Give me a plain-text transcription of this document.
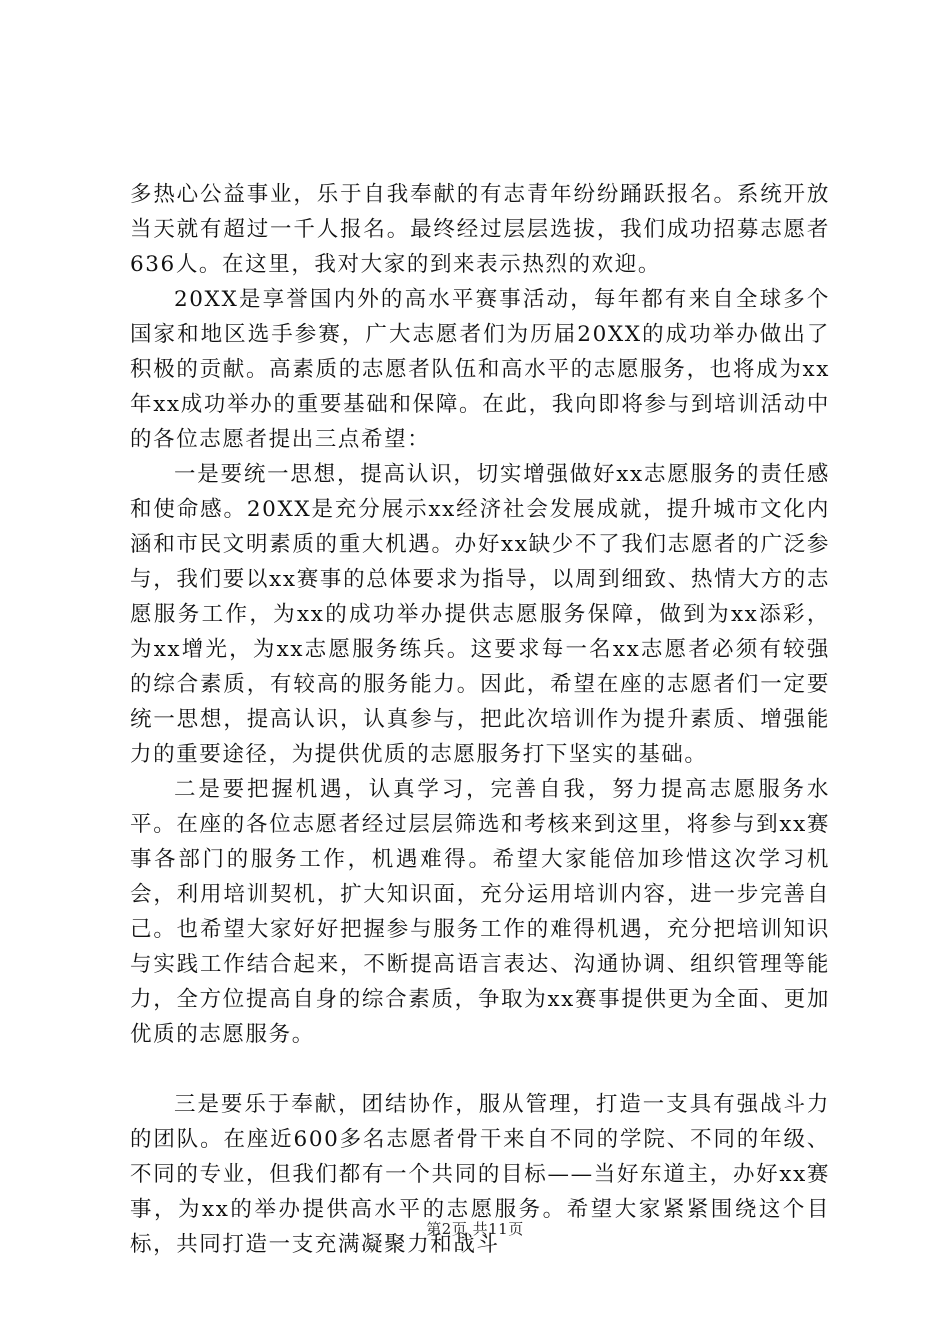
多热心公益事业，乐于自我奉献的有志青年纷纷踊跃报名。系统开放当天就有超过一千人报名。最终经过层层选拔，我们成功招募志愿者636人。在这里，我对大家的到来表示热烈的欢迎。

20XX是享誉国内外的高水平赛事活动，每年都有来自全球多个国家和地区选手参赛，广大志愿者们为历届20XX的成功举办做出了积极的贡献。高素质的志愿者队伍和高水平的志愿服务，也将成为xx年xx成功举办的重要基础和保障。在此，我向即将参与到培训活动中的各位志愿者提出三点希望：

一是要统一思想，提高认识，切实增强做好xx志愿服务的责任感和使命感。20XX是充分展示xx经济社会发展成就，提升城市文化内涵和市民文明素质的重大机遇。办好xx缺少不了我们志愿者的广泛参与，我们要以xx赛事的总体要求为指导，以周到细致、热情大方的志愿服务工作，为xx的成功举办提供志愿服务保障，做到为xx添彩，为xx增光，为xx志愿服务练兵。这要求每一名xx志愿者必须有较强的综合素质，有较高的服务能力。因此，希望在座的志愿者们一定要统一思想，提高认识，认真参与，把此次培训作为提升素质、增强能力的重要途径，为提供优质的志愿服务打下坚实的基础。

二是要把握机遇，认真学习，完善自我，努力提高志愿服务水平。在座的各位志愿者经过层层筛选和考核来到这里，将参与到xx赛事各部门的服务工作，机遇难得。希望大家能倍加珍惜这次学习机会，利用培训契机，扩大知识面，充分运用培训内容，进一步完善自己。也希望大家好好把握参与服务工作的难得机遇，充分把培训知识与实践工作结合起来，不断提高语言表达、沟通协调、组织管理等能力，全方位提高自身的综合素质，争取为xx赛事提供更为全面、更加优质的志愿服务。

三是要乐于奉献，团结协作，服从管理，打造一支具有强战斗力的团队。在座近600多名志愿者骨干来自不同的学院、不同的年级、不同的专业，但我们都有一个共同的目标——当好东道主，办好xx赛事，为xx的举办提供高水平的志愿服务。希望大家紧紧围绕这个目标，共同打造一支充满凝聚力和战斗

第2页 共11页
